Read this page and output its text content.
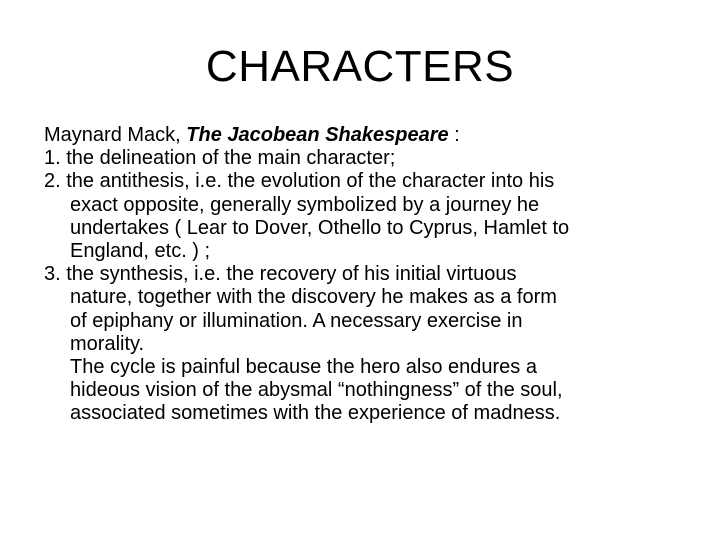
CHARACTERS
Maynard Mack, The Jacobean Shakespeare :
1. the delineation of the main character;
2. the antithesis, i.e. the evolution of the character into his
exact opposite, generally symbolized by a journey he
undertakes ( Lear to Dover, Othello to Cyprus, Hamlet to
England, etc. ) ;
3. the synthesis, i.e. the recovery of his initial virtuous
nature, together with the discovery he makes as a form
of epiphany or illumination. A necessary exercise in
morality.
The cycle is painful because the hero also endures a
hideous vision of the abysmal “nothingness” of the soul,
associated sometimes with the experience of madness.
